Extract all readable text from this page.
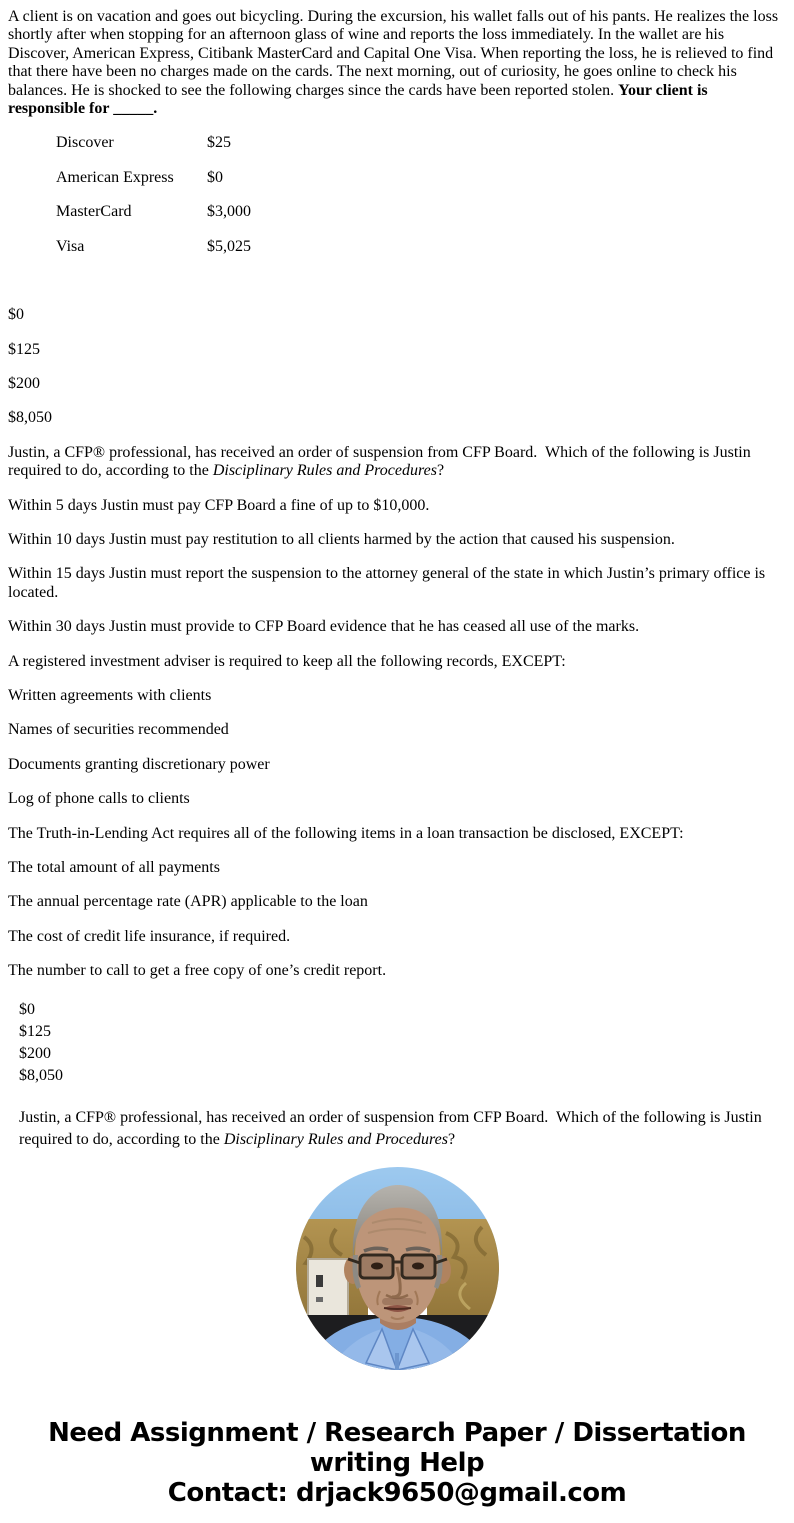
A client is on vacation and goes out bicycling. During the excursion, his wallet falls out of his pants. He realizes the loss shortly after when stopping for an afternoon glass of wine and reports the loss immediately. In the wallet are his Discover, American Express, Citibank MasterCard and Capital One Visa. When reporting the loss, he is relieved to find that there have been no charges made on the cards. The next morning, out of curiosity, he goes online to check his balances. He is shocked to see the following charges since the cards have been reported stolen. Your client is responsible for _____.

Discover	$25

American Express $0

MasterCard	$3,000

Visa	$5,025

$0

$125

$200

$8,050

Justin, a CFP® professional, has received an order of suspension from CFP Board.  Which of the following is Justin required to do, according to the Disciplinary Rules and Procedures?

Within 5 days Justin must pay CFP Board a fine of up to $10,000.

Within 10 days Justin must pay restitution to all clients harmed by the action that caused his suspension.

Within 15 days Justin must report the suspension to the attorney general of the state in which Justin’s primary office is located.

Within 30 days Justin must provide to CFP Board evidence that he has ceased all use of the marks.

A registered investment adviser is required to keep all the following records, EXCEPT:

Written agreements with clients

Names of securities recommended

Documents granting discretionary power

Log of phone calls to clients

The Truth-in-Lending Act requires all of the following items in a loan transaction be disclosed, EXCEPT:

The total amount of all payments

The annual percentage rate (APR) applicable to the loan

The cost of credit life insurance, if required.

The number to call to get a free copy of one’s credit report.

$0

$125

$200

$8,050

Justin, a CFP® professional, has received an order of suspension from CFP Board.  Which of the following is Justin required to do, according to the Disciplinary Rules and Procedures?

Need Assignment / Research Paper / Dissertation writing Help
Contact: drjack9650@gmail.com
